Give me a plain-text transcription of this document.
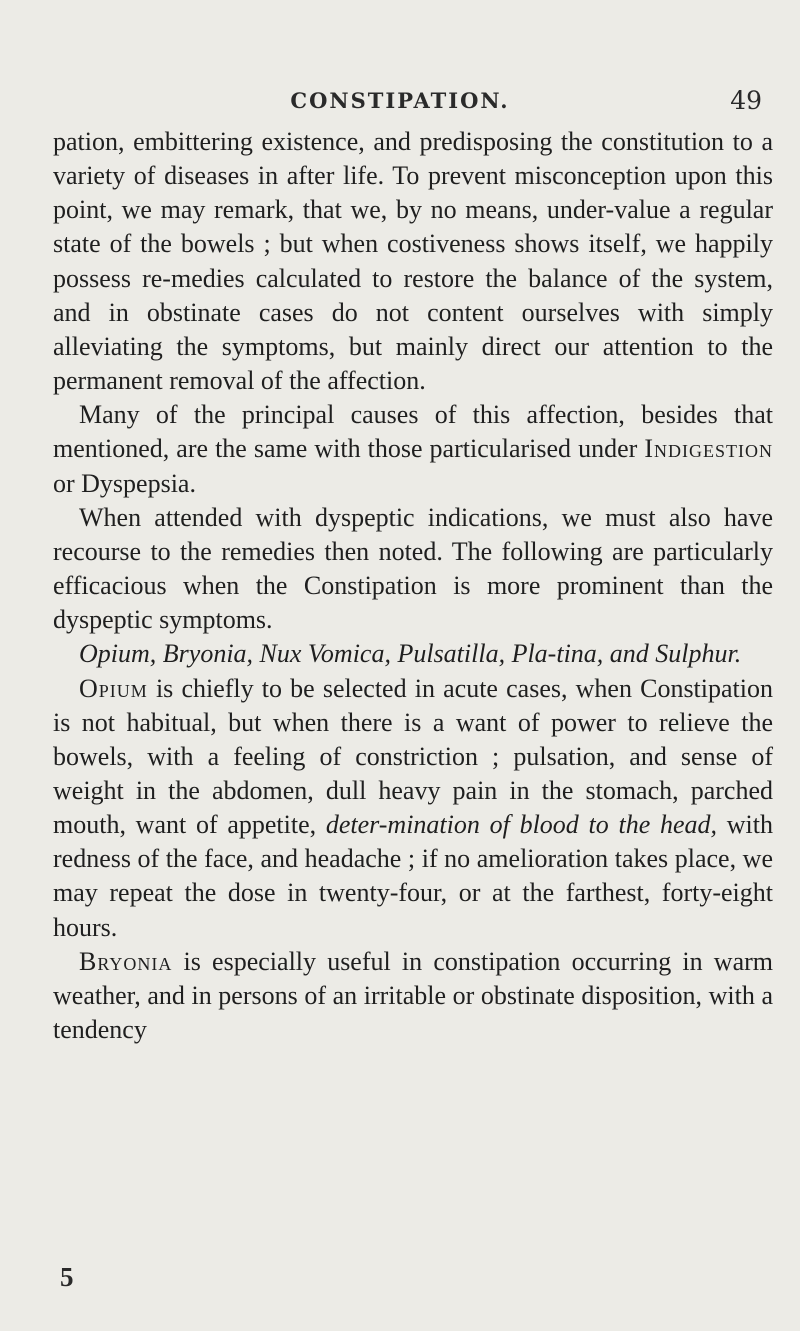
CONSTIPATION.	49

pation, embittering existence, and predisposing the constitution to a variety of diseases in after life. To prevent misconception upon this point, we may remark, that we, by no means, under-value a regular state of the bowels ; but when costiveness shows itself, we happily possess re-medies calculated to restore the balance of the system, and in obstinate cases do not content ourselves with simply alleviating the symptoms, but mainly direct our attention to the permanent removal of the affection.

Many of the principal causes of this affection, besides that mentioned, are the same with those particularised under Indigestion or Dyspepsia.

When attended with dyspeptic indications, we must also have recourse to the remedies then noted. The following are particularly efficacious when the Constipation is more prominent than the dyspeptic symptoms.

Opium, Bryonia, Nux Vomica, Pulsatilla, Pla-tina, and Sulphur.

Opium is chiefly to be selected in acute cases, when Constipation is not habitual, but when there is a want of power to relieve the bowels, with a feeling of constriction ; pulsation, and sense of weight in the abdomen, dull heavy pain in the stomach, parched mouth, want of appetite, deter-mination of blood to the head, with redness of the face, and headache ; if no amelioration takes place, we may repeat the dose in twenty-four, or at the farthest, forty-eight hours.

Bryonia is especially useful in constipation occurring in warm weather, and in persons of an irritable or obstinate disposition, with a tendency

5
